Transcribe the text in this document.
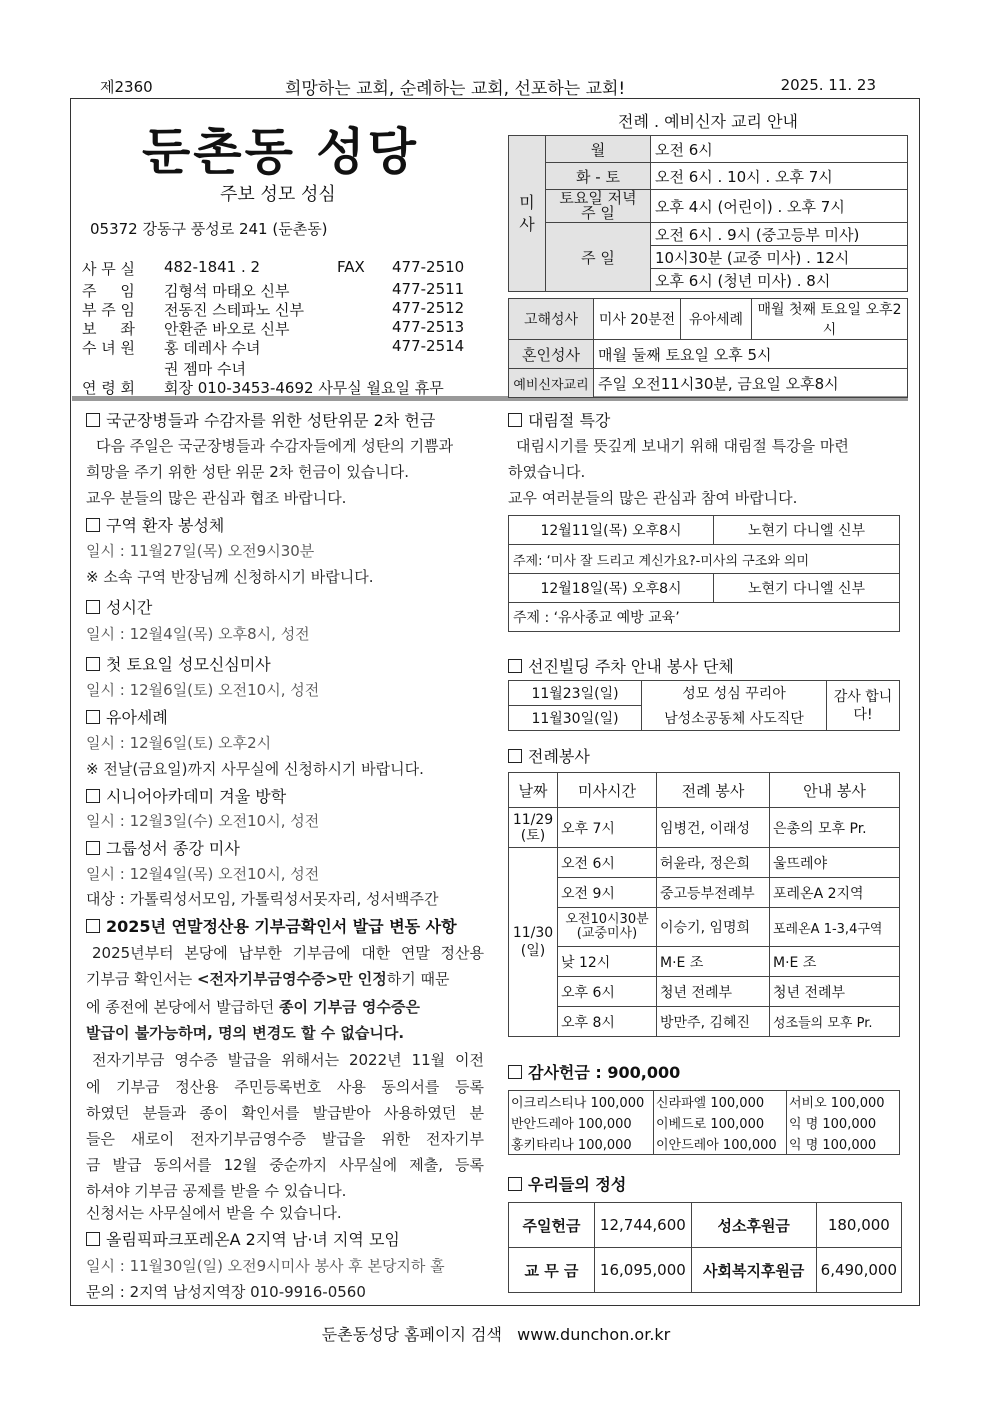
제2360	희망하는 교회, 순례하는 교회, 선포하는 교회!	2025. 11. 23
둔촌동 성당
주보 성모 성심
05372 강동구 풍성로 241 (둔촌동)
사 무 실	482-1841 . 2	FAX 477-2510
주     임	김형석 마태오 신부	477-2511
부 주 임	전동진 스테파노 신부	477-2512
보     좌	안환준 바오로 신부	477-2513
수 녀 원	홍 데레사 수녀	477-2514
권 젬마 수녀
연 령 회	회장 010-3453-4692 사무실 월요일 휴무
전례 . 예비신자 교리 안내
미
사	월	오전 6시
	화 - 토	오전 6시 . 10시 . 오후 7시
	토요일 저녁 주 일	오후 4시 (어린이) . 오후 7시
	주 일	오전 6시 . 9시 (중고등부 미사)
		10시30분 (교중 미사) . 12시
		오후 6시 (청년 미사) . 8시
고해성사	미사 20분전	유아세례	매월 첫째 토요일 오후2시
혼인성사	매월 둘째 토요일 오후 5시		
예비신자교리	주일 오전11시30분, 금요일 오후8시		
국군장병들과 수감자를 위한 성탄위문 2차 헌금
다음 주일은 국군장병들과 수감자들에게 성탄의 기쁨과
희망을 주기 위한 성탄 위문 2차 헌금이 있습니다.
교우 분들의 많은 관심과 협조 바랍니다.
구역 환자 봉성체
일시 : 11월27일(목) 오전9시30분
※ 소속 구역 반장님께 신청하시기 바랍니다.
성시간
일시 : 12월4일(목) 오후8시, 성전
첫 토요일 성모신심미사
일시 : 12월6일(토) 오전10시, 성전
유아세례
일시 : 12월6일(토) 오후2시
※ 전날(금요일)까지 사무실에 신청하시기 바랍니다.
시니어아카데미 겨울 방학
일시 : 12월3일(수) 오전10시, 성전
그룹성서 종강 미사
일시 : 12월4일(목) 오전10시, 성전
대상 : 가톨릭성서모임, 가톨릭성서못자리, 성서백주간
2025년 연말정산용 기부금확인서 발급 변동 사항
2025년부터 본당에 납부한 기부금에 대한 연말 정산용
기부금 확인서는 <전자기부금영수증>만 인정하기 때문
에 종전에 본당에서 발급하던 종이 기부금 영수증은
발급이 불가능하며, 명의 변경도 할 수 없습니다.
전자기부금 영수증 발급을 위해서는 2022년 11월 이전
에 기부금 정산용 주민등록번호 사용 동의서를 등록
하였던 분들과 종이 확인서를 발급받아 사용하였던 분
들은 새로이 전자기부금영수증 발급을 위한 전자기부
금 발급 동의서를 12월 중순까지 사무실에 제출, 등록
하셔야 기부금 공제를 받을 수 있습니다.
신청서는 사무실에서 받을 수 있습니다.
올림픽파크포레온A 2지역 남·녀 지역 모임
일시 : 11월30일(일) 오전9시미사 봉사 후 본당지하 홀
문의 : 2지역 남성지역장 010-9916-0560
대림절 특강
대림시기를 뜻깊게 보내기 위해 대림절 특강을 마련
하였습니다.
교우 여러분들의 많은 관심과 참여 바랍니다.
12월11일(목) 오후8시	노현기 다니엘 신부
주제: ‘미사 잘 드리고 계신가요?-미사의 구조와 의미	
12월18일(목) 오후8시	노현기 다니엘 신부
주제 : ‘유사종교 예방 교육’	
선진빌딩 주차 안내 봉사 단체
11월23일(일)	성모 성심 꾸리아	감사 합니다!
11월30일(일)	남성소공동체 사도직단	
전례봉사
날짜	미사시간	전례 봉사	안내 봉사
11/29 (토)	오후 7시	임병건, 이래성	은총의 모후 Pr.
11/30 (일)	오전 6시	허윤라, 정은희	울뜨레야
	오전 9시	중고등부전례부	포레온A 2지역
	오전10시30분 (교중미사)	이승기, 임명희	포레온A 1-3,4구역
	낮 12시	M·E 조	M·E 조
	오후 6시	청년 전례부	청년 전례부
	오후 8시	방만주, 김혜진	성조들의 모후 Pr.
감사헌금 : 900,000
이크리스티나 100,000	신라파엘 100,000	서비오 100,000
반안드레아 100,000	이베드로 100,000	익 명 100,000
홍키타리나 100,000	이안드레아 100,000	익 명 100,000
우리들의 정성
주일헌금	12,744,600	성소후원금	180,000
교 무 금	16,095,000	사회복지후원금	6,490,000
둔촌동성당 홈페이지 검색   www.dunchon.or.kr
